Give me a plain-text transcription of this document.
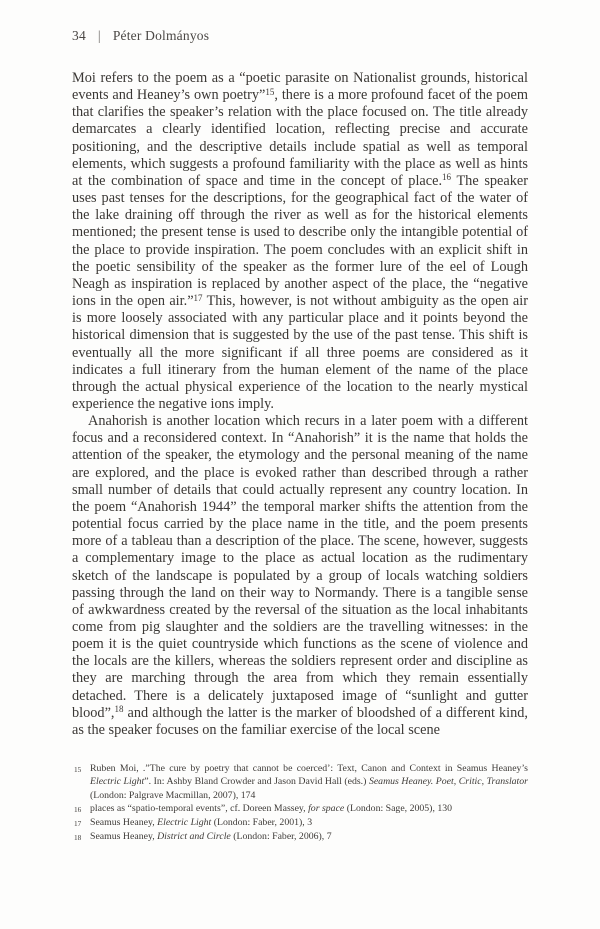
34 | Péter Dolmányos

Moi refers to the poem as a “poetic parasite on Nationalist grounds, historical events and Heaney’s own poetry”$^{15}$, there is a more profound facet of the poem that clarifies the speaker’s relation with the place focused on. The title already demarcates a clearly identified location, reflecting precise and accurate positioning, and the descriptive details include spatial as well as temporal elements, which suggests a profound familiarity with the place as well as hints at the combination of space and time in the concept of place.$^{16}$ The speaker uses past tenses for the descriptions, for the geographical fact of the water of the lake draining off through the river as well as for the historical elements mentioned; the present tense is used to describe only the intangible potential of the place to provide inspiration. The poem concludes with an explicit shift in the poetic sensibility of the speaker as the former lure of the eel of Lough Neagh as inspiration is replaced by another aspect of the place, the “negative ions in the open air.”$^{17}$ This, however, is not without ambiguity as the open air is more loosely associated with any particular place and it points beyond the historical dimension that is suggested by the use of the past tense. This shift is eventually all the more significant if all three poems are considered as it indicates a full itinerary from the human element of the name of the place through the actual physical experience of the location to the nearly mystical experience the negative ions imply.

Anahorish is another location which recurs in a later poem with a different focus and a reconsidered context. In “Anahorish” it is the name that holds the attention of the speaker, the etymology and the personal meaning of the name are explored, and the place is evoked rather than described through a rather small number of details that could actually represent any country location. In the poem “Anahorish 1944” the temporal marker shifts the attention from the potential focus carried by the place name in the title, and the poem presents more of a tableau than a description of the place. The scene, however, suggests a complementary image to the place as actual location as the rudimentary sketch of the landscape is populated by a group of locals watching soldiers passing through the land on their way to Normandy. There is a tangible sense of awkwardness created by the reversal of the situation as the local inhabitants come from pig slaughter and the soldiers are the travelling witnesses: in the poem it is the quiet countryside which functions as the scene of violence and the locals are the killers, whereas the soldiers represent order and discipline as they are marching through the area from which they remain essentially detached. There is a delicately juxtaposed image of “sunlight and gutter blood”,$^{18}$ and although the latter is the marker of bloodshed of a different kind, as the speaker focuses on the familiar exercise of the local scene

15 Ruben Moi, .”The cure by poetry that cannot be coerced’: Text, Canon and Context in Seamus Heaney’s Electric Light”. In: Ashby Bland Crowder and Jason David Hall (eds.) Seamus Heaney. Poet, Critic, Translator (London: Palgrave Macmillan, 2007), 174

16 places as “spatio-temporal events”, cf. Doreen Massey, for space (London: Sage, 2005), 130

17 Seamus Heaney, Electric Light (London: Faber, 2001), 3

18 Seamus Heaney, District and Circle (London: Faber, 2006), 7
